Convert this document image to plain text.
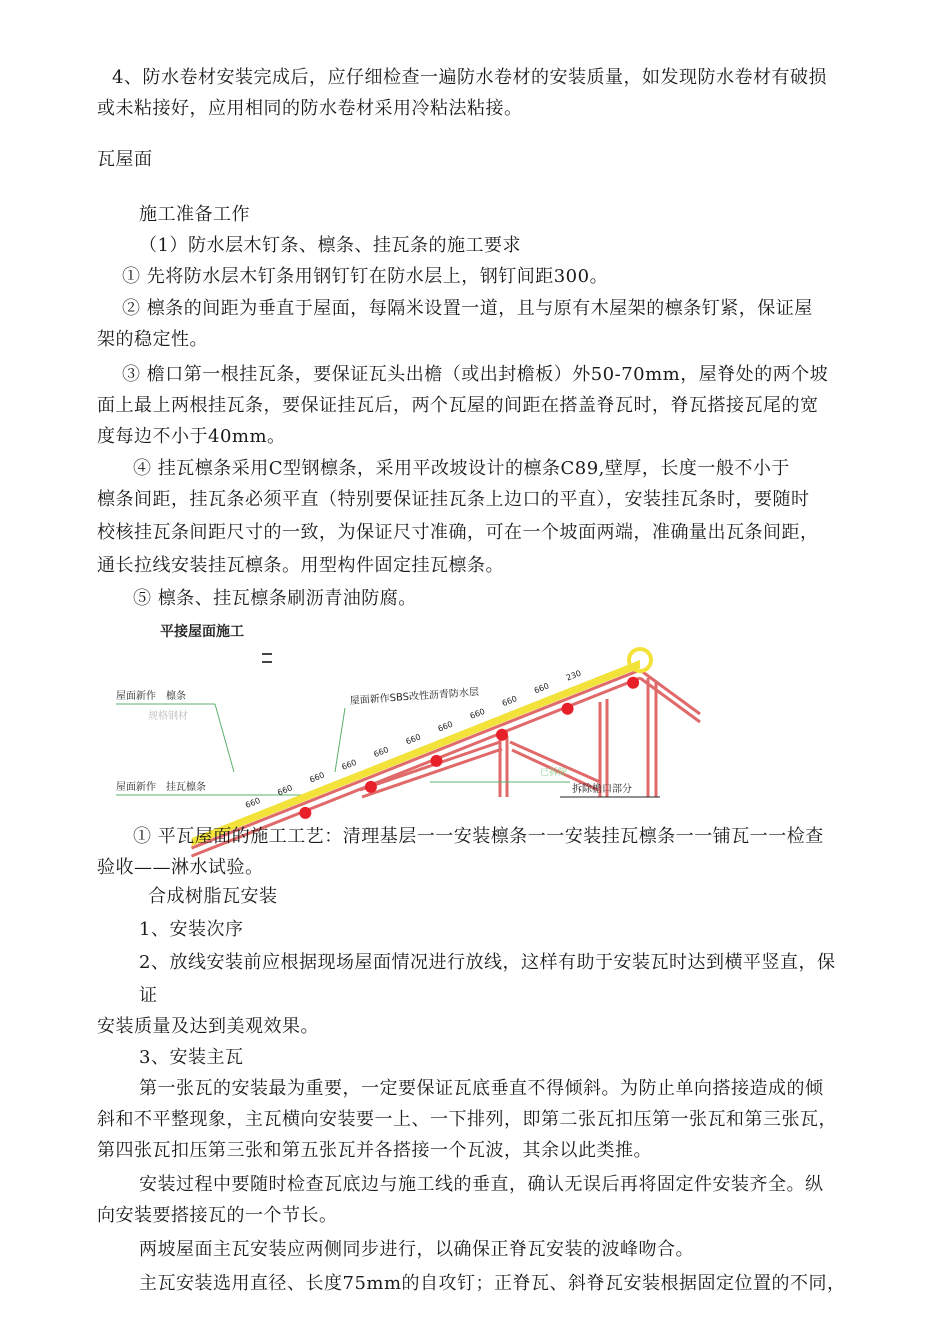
4、防水卷材安装完成后，应仔细检查一遍防水卷材的安装质量，如发现防水卷材有破损
或未粘接好，应用相同的防水卷材采用冷粘法粘接。
瓦屋面
施工准备工作
（1）防水层木钉条、檩条、挂瓦条的施工要求
① 先将防水层木钉条用钢钉钉在防水层上，钢钉间距300。
② 檩条的间距为垂直于屋面，每隔米设置一道，且与原有木屋架的檩条钉紧，保证屋
架的稳定性。
③ 檐口第一根挂瓦条，要保证瓦头出檐（或出封檐板）外50-70mm，屋脊处的两个坡
面上最上两根挂瓦条，要保证挂瓦后，两个瓦屋的间距在搭盖脊瓦时，脊瓦搭接瓦尾的宽
度每边不小于40mm。
④ 挂瓦檩条采用C型钢檩条，采用平改坡设计的檩条C89,壁厚，长度一般不小于
檩条间距，挂瓦条必须平直（特别要保证挂瓦条上边口的平直），安装挂瓦条时，要随时
校核挂瓦条间距尺寸的一致，为保证尺寸准确，可在一个坡面两端，准确量出瓦条间距，
通长拉线安装挂瓦檩条。用型构件固定挂瓦檩条。
⑤ 檩条、挂瓦檩条刷沥青油防腐。
平接屋面施工
屋面新作　檩条
规格钢材
屋面新作　挂瓦檩条
屋面新作SBS改性沥青防水层
660
660
660
660
660
660
660
660
660
660
230
已拆除
拆除檐口部分
① 平瓦屋面的施工工艺：清理基层一一安装檩条一一安装挂瓦檩条一一铺瓦一一检查
验收——淋水试验。
合成树脂瓦安装
1、安装次序
2、放线安装前应根据现场屋面情况进行放线，这样有助于安装瓦时达到横平竖直，保
证
安装质量及达到美观效果。
3、安装主瓦
第一张瓦的安装最为重要，一定要保证瓦底垂直不得倾斜。为防止单向搭接造成的倾
斜和不平整现象，主瓦横向安装要一上、一下排列，即第二张瓦扣压第一张瓦和第三张瓦，
第四张瓦扣压第三张和第五张瓦并各搭接一个瓦波，其余以此类推。
安装过程中要随时检查瓦底边与施工线的垂直，确认无误后再将固定件安装齐全。纵
向安装要搭接瓦的一个节长。
两坡屋面主瓦安装应两侧同步进行，以确保正脊瓦安装的波峰吻合。
主瓦安装选用直径、长度75mm的自攻钉；正脊瓦、斜脊瓦安装根据固定位置的不同，
